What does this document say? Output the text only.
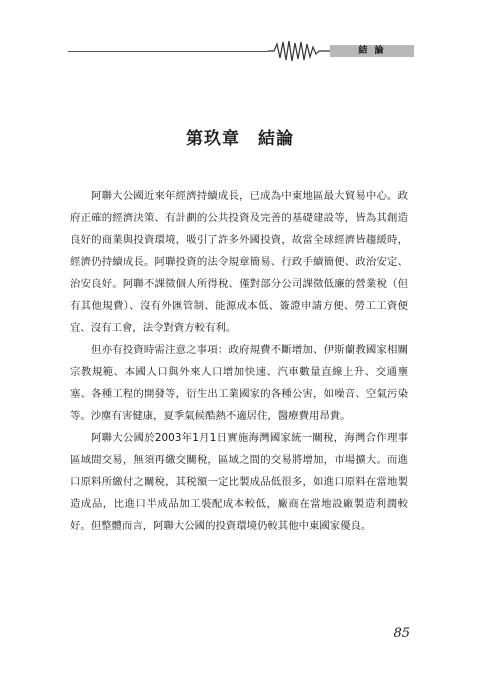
結 論
第玖章　結論

阿聯大公國近來年經濟持續成長，已成為中東地區最大貿易中心。政府正確的經濟決策、有計劃的公共投資及完善的基礎建設等，皆為其創造良好的商業與投資環境，吸引了許多外國投資，故當全球經濟皆趨緩時，經濟仍持續成長。阿聯投資的法令規章簡易、行政手續簡便、政治安定、治安良好。阿聯不課徵個人所得稅、僅對部分公司課徵低廉的營業稅（但有其他規費）、沒有外匯管制、能源成本低、簽證申請方便、勞工工資便宜、沒有工會，法令對資方較有利。

但亦有投資時需注意之事項：政府規費不斷增加、伊斯蘭教國家相關宗教規範、本國人口與外來人口增加快速、汽車數量直線上升、交通壅塞、各種工程的開發等，衍生出工業國家的各種公害，如噪音、空氣污染等。沙塵有害健康，夏季氣候酷熱不適居住，醫療費用昂貴。

阿聯大公國於2003年1月1日實施海灣國家統一關稅，海灣合作理事區域間交易，無須再繳交關稅，區域之間的交易將增加，市場擴大。而進口原料所繳付之關稅，其税額一定比製成品低很多，如進口原料在當地製造成品，比進口半成品加工裝配成本較低，廠商在當地設廠製造利潤較好。但整體而言，阿聯大公國的投資環境仍較其他中東國家優良。

85
